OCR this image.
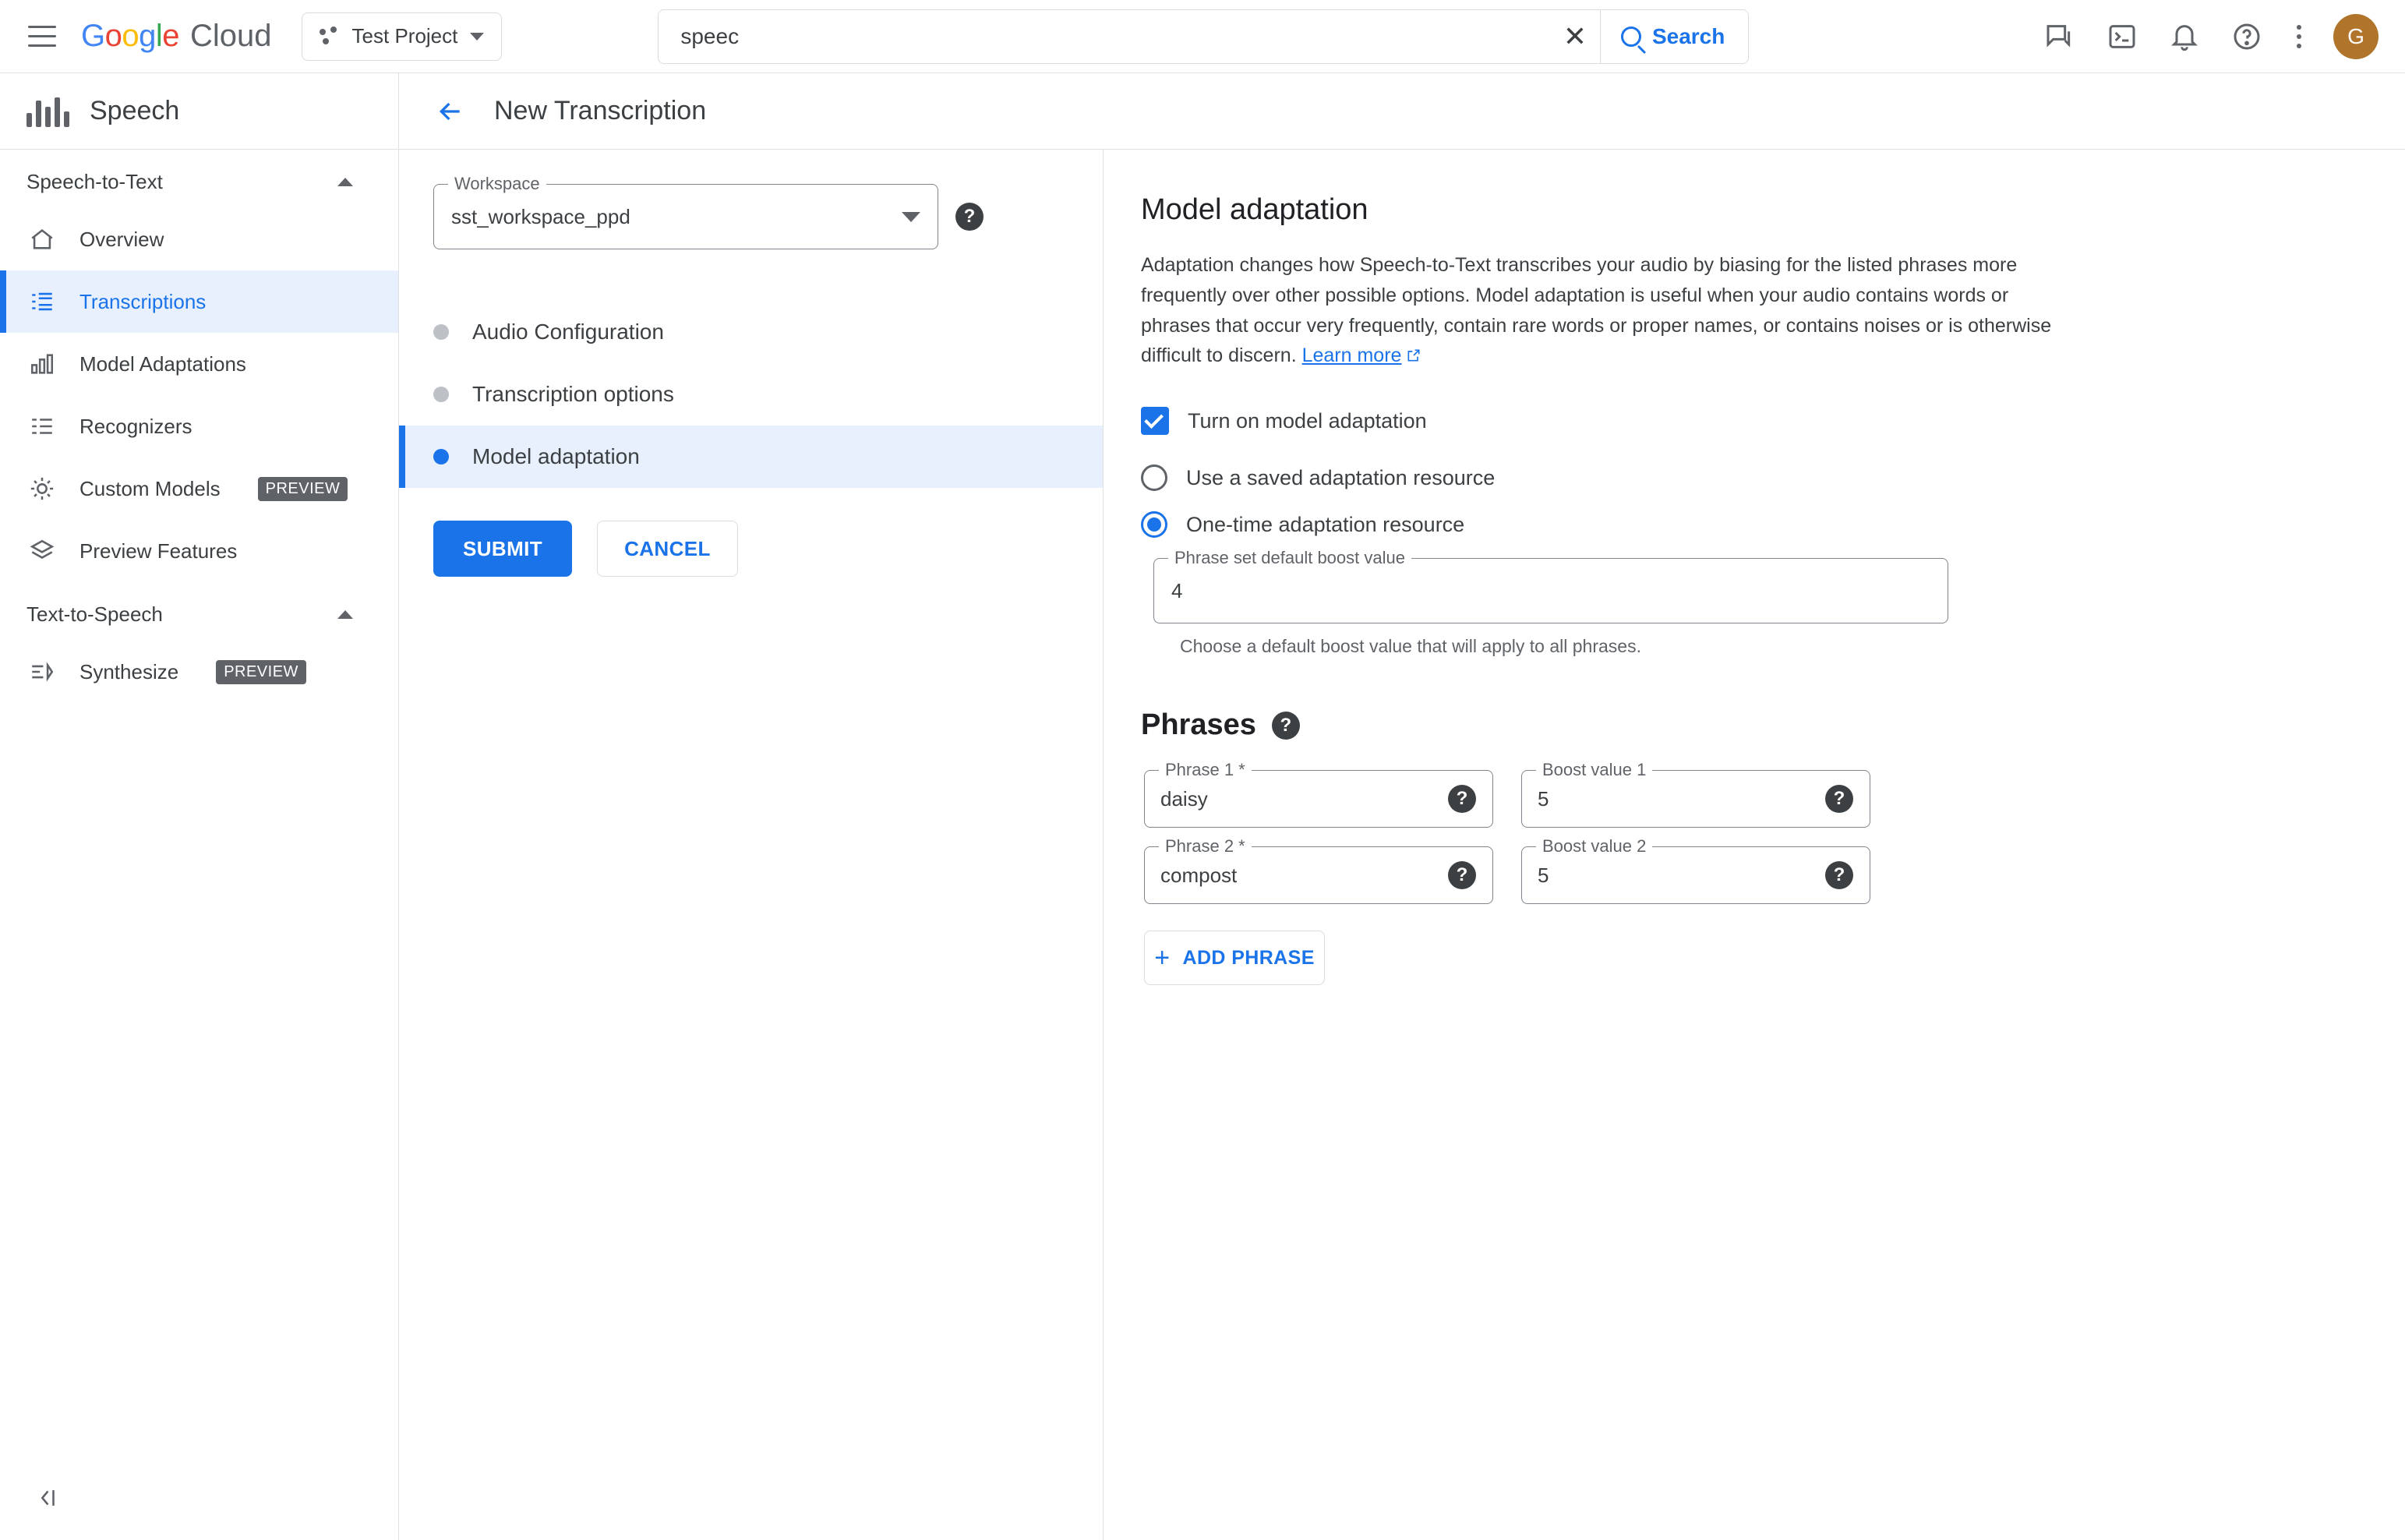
Google Cloud	Test Project
speec	✕	Search	G
Speech
Speech-to-Text
Overview
Transcriptions
Model Adaptations
Recognizers
Custom Models	PREVIEW
Preview Features
Text-to-Speech
Synthesize	PREVIEW
New Transcription
Workspace
sst_workspace_ppd	?
Audio Configuration
Transcription options
Model adaptation
SUBMIT	CANCEL
Model adaptation

Adaptation changes how Speech-to-Text transcribes your audio by biasing for the listed phrases more frequently over other possible options. Model adaptation is useful when your audio contains words or phrases that occur very frequently, contain rare words or proper names, or contains noises or is otherwise difficult to discern. Learn more

Turn on model adaptation
Use a saved adaptation resource
One-time adaptation resource
Phrase set default boost value
4
Choose a default boost value that will apply to all phrases.
Phrases	?
Phrase 1 *
daisy	?
Boost value 1
5	?
Phrase 2 *
compost	?
Boost value 2
5	?
+ ADD PHRASE
